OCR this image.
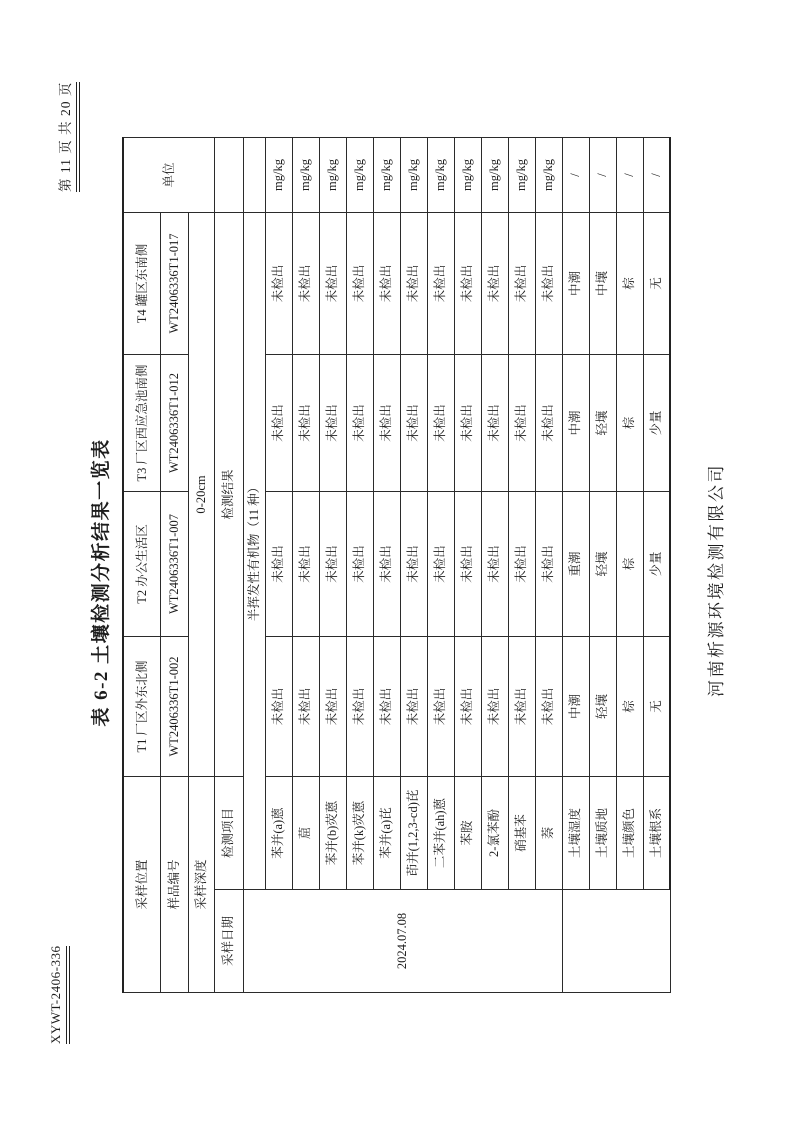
XYWT-2406-336
第 11 页 共 20 页
表 6-2 土壤检测分析结果一览表
采样位置		T1 厂区外东北侧	T2 办公生活区	T3 厂区西应急池南侧	T4 罐区东南侧	单位
样品编号		WT2406336T1-002	WT2406336T1-007	WT2406336T1-012	WT2406336T1-017	
采样深度		0-20cm				
采样日期	检测项目	检测结果				
2024.07.08	半挥发性有机物（11 种）					
	苯并(a)蒽	未检出	未检出	未检出	未检出	mg/kg
	䓛	未检出	未检出	未检出	未检出	mg/kg
	苯并(b)荧蒽	未检出	未检出	未检出	未检出	mg/kg
	苯并(k)荧蒽	未检出	未检出	未检出	未检出	mg/kg
	苯并(a)芘	未检出	未检出	未检出	未检出	mg/kg
	茚并(1,2,3-cd)芘	未检出	未检出	未检出	未检出	mg/kg
	二苯并(ah)蒽	未检出	未检出	未检出	未检出	mg/kg
	苯胺	未检出	未检出	未检出	未检出	mg/kg
	2-氯苯酚	未检出	未检出	未检出	未检出	mg/kg
	硝基苯	未检出	未检出	未检出	未检出	mg/kg
	萘	未检出	未检出	未检出	未检出	mg/kg
	土壤湿度	中潮	重潮	中潮	中潮	/
	土壤质地	轻壤	轻壤	轻壤	中壤	/
	土壤颜色	棕	棕	棕	棕	/
	土壤根系	无	少量	少量	无	/
河南析源环境检测有限公司
